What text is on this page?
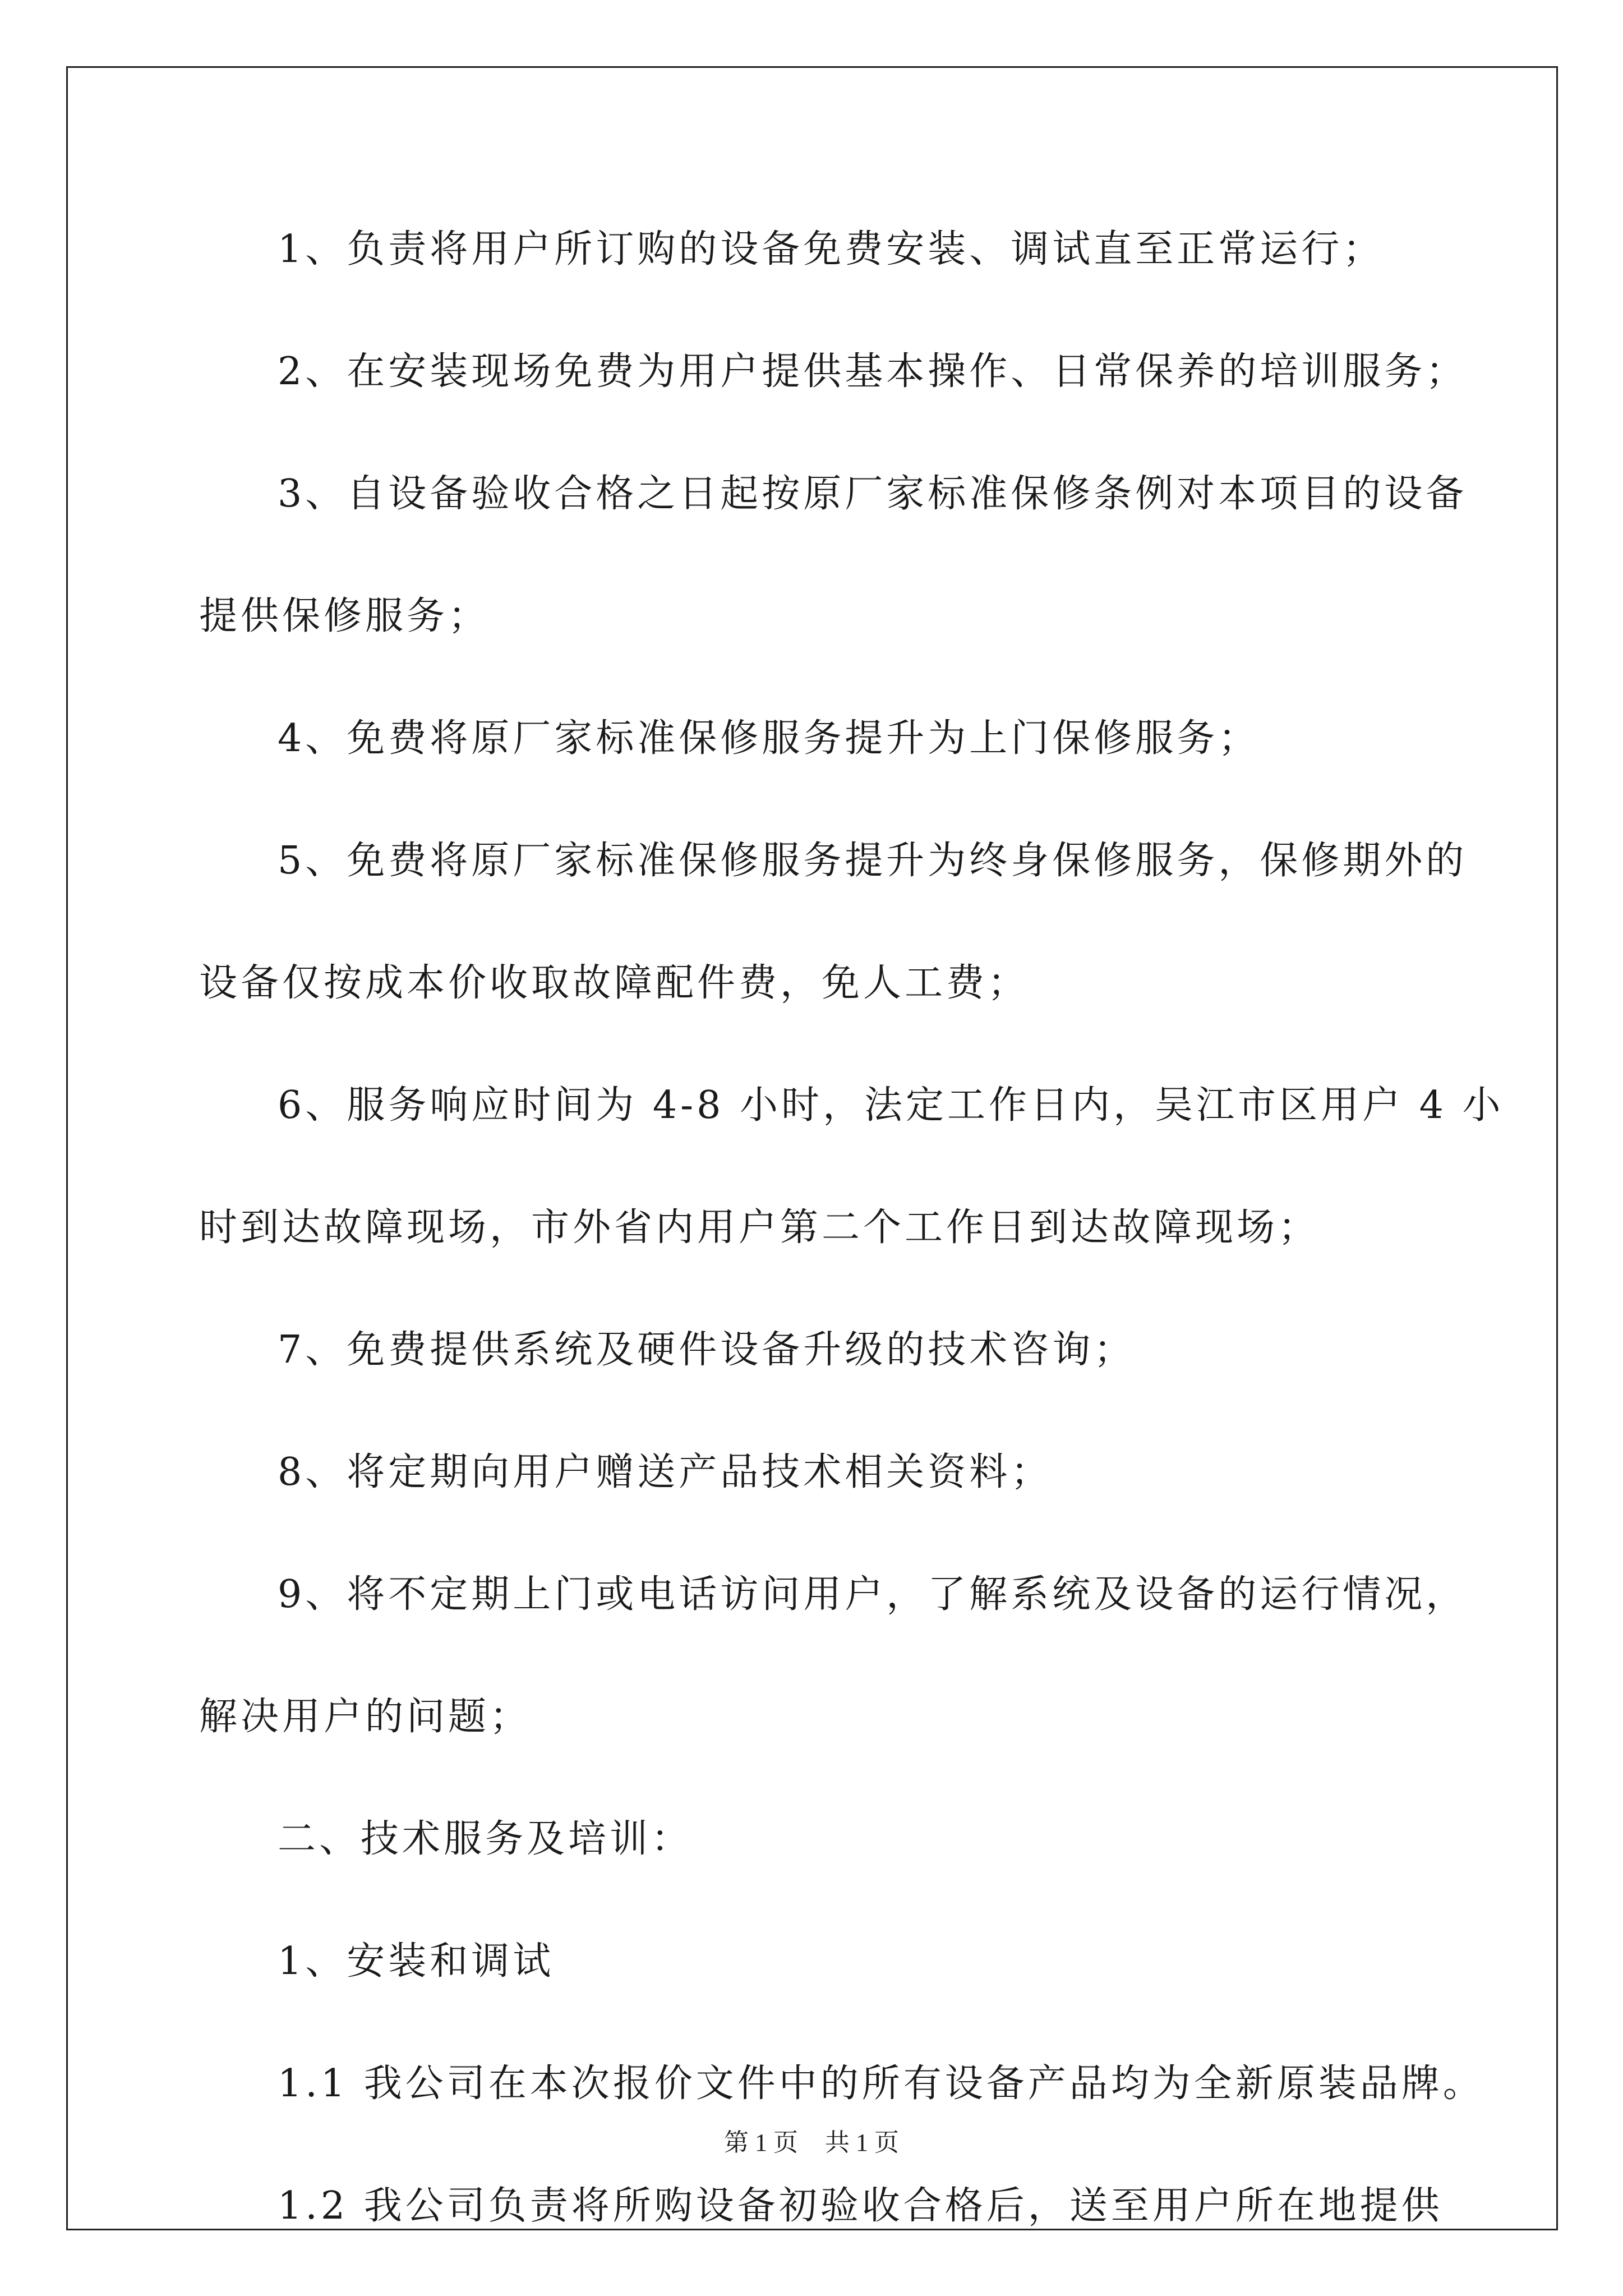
第 1 页 共 1 页
1、负责将用户所订购的设备免费安装、调试直至正常运行；
2、在安装现场免费为用户提供基本操作、日常保养的培训服务；
3、自设备验收合格之日起按原厂家标准保修条例对本项目的设备
提供保修服务；
4、免费将原厂家标准保修服务提升为上门保修服务；
5、免费将原厂家标准保修服务提升为终身保修服务，保修期外的
设备仅按成本价收取故障配件费，免人工费；
6、服务响应时间为 4-8 小时，法定工作日内，吴江市区用户 4 小
时到达故障现场，市外省内用户第二个工作日到达故障现场；
7、免费提供系统及硬件设备升级的技术咨询；
8、将定期向用户赠送产品技术相关资料；
9、将不定期上门或电话访问用户，了解系统及设备的运行情况，
解决用户的问题；
二、技术服务及培训：
1、安装和调试
1.1 我公司在本次报价文件中的所有设备产品均为全新原装品牌。
1.2 我公司负责将所购设备初验收合格后，送至用户所在地提供
